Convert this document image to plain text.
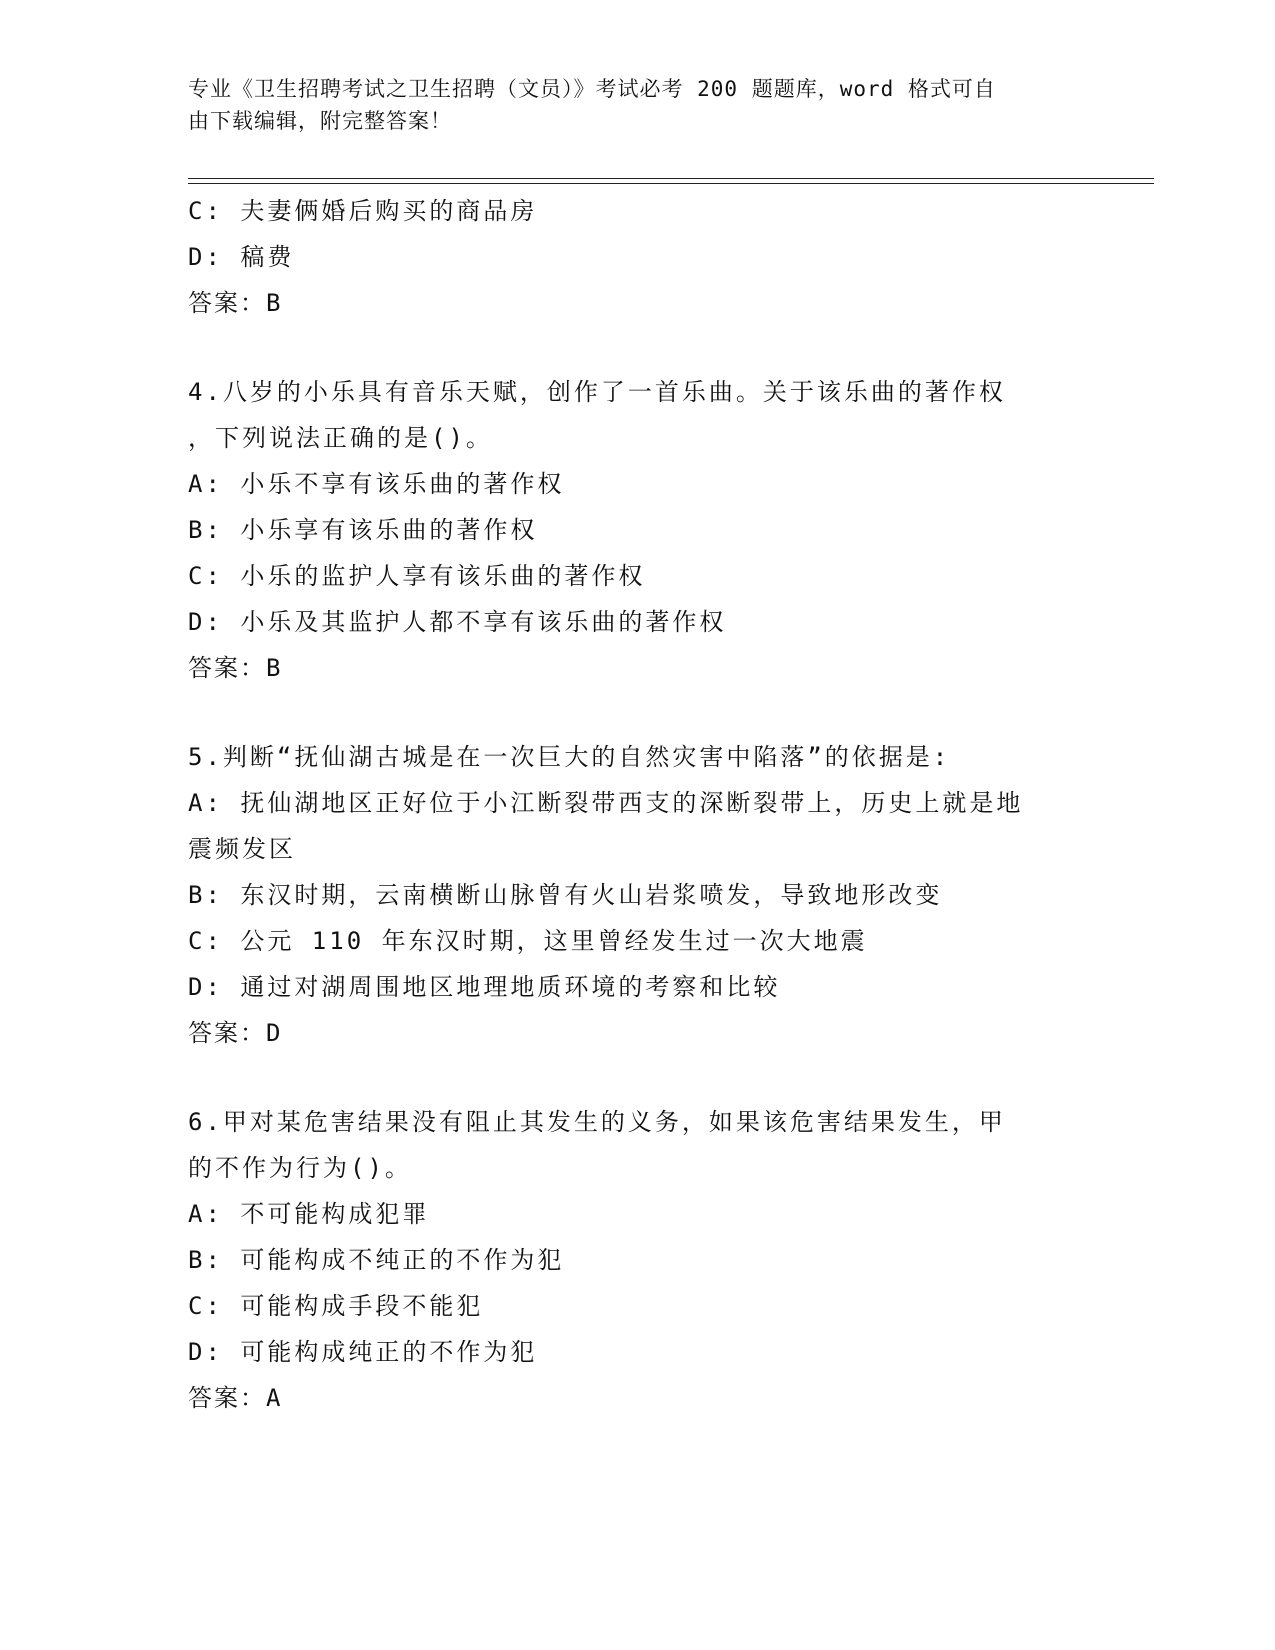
专业《卫生招聘考试之卫生招聘（文员）》考试必考 200 题题库，word 格式可自
由下载编辑，附完整答案！

C: 夫妻俩婚后购买的商品房

D: 稿费

答案：B

4.八岁的小乐具有音乐天赋，创作了一首乐曲。关于该乐曲的著作权

，下列说法正确的是()。

A: 小乐不享有该乐曲的著作权

B: 小乐享有该乐曲的著作权

C: 小乐的监护人享有该乐曲的著作权

D: 小乐及其监护人都不享有该乐曲的著作权

答案：B

5.判断“抚仙湖古城是在一次巨大的自然灾害中陷落”的依据是:

A: 抚仙湖地区正好位于小江断裂带西支的深断裂带上，历史上就是地

震频发区

B: 东汉时期，云南横断山脉曾有火山岩浆喷发，导致地形改变

C: 公元 110 年东汉时期，这里曾经发生过一次大地震

D: 通过对湖周围地区地理地质环境的考察和比较

答案：D

6.甲对某危害结果没有阻止其发生的义务，如果该危害结果发生，甲

的不作为行为()。

A: 不可能构成犯罪

B: 可能构成不纯正的不作为犯

C: 可能构成手段不能犯

D: 可能构成纯正的不作为犯

答案：A
